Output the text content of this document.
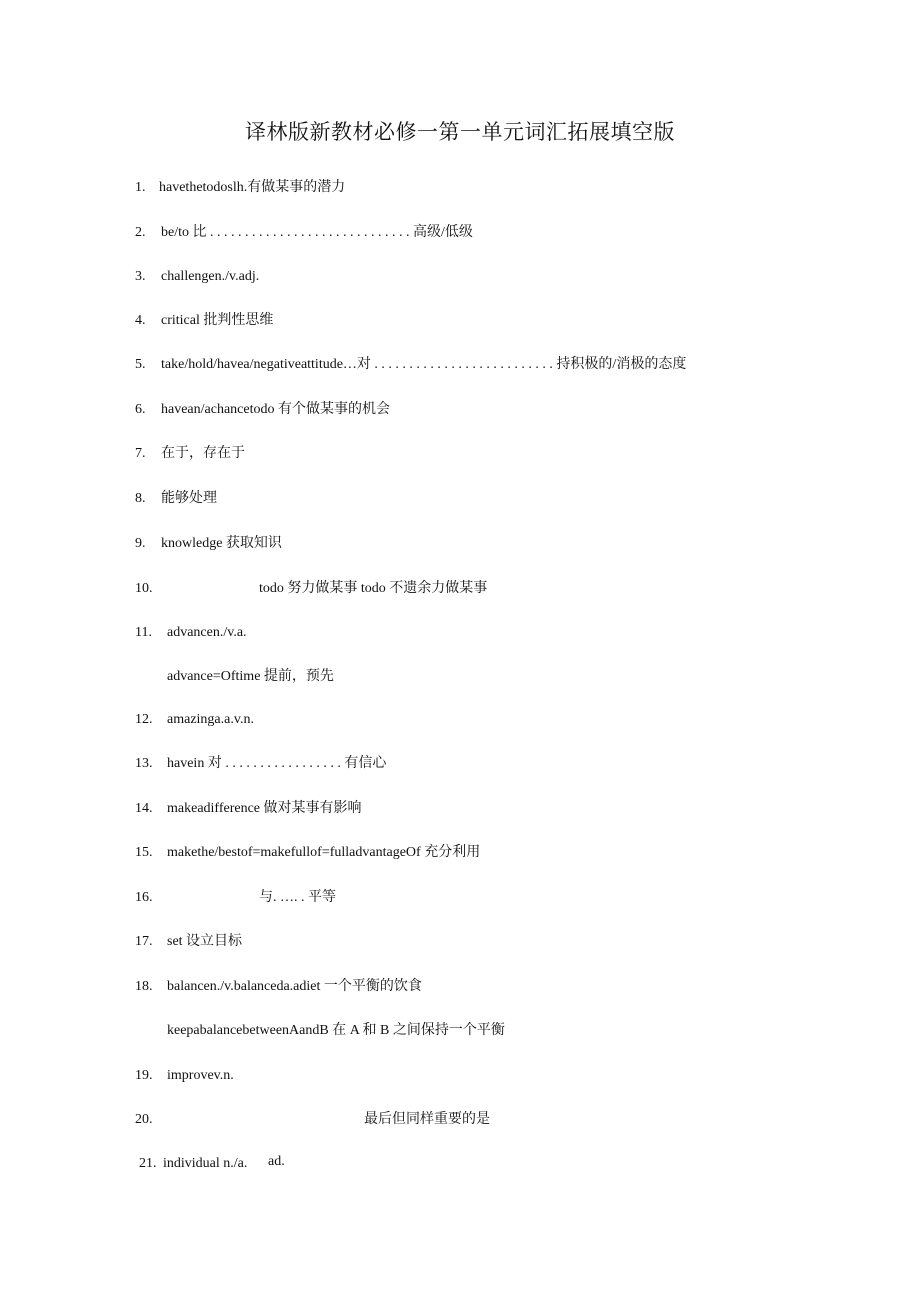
译林版新教材必修一第一单元词汇拓展填空版
1. havethetodoslh.有做某事的潜力
2. be/to 比 . . . . . . . . . . . . . . . . . . . . . . . . . . . . . 高级/低级
3. challengen./v.adj.
4. critical 批判性思维
5. take/hold/havea/negativeattitude…对 . . . . . . . . . . . . . . . . . . . . . . . . . . 持积极的/消极的态度
6. havean/achancetodo 有个做某事的机会
7. 在于，存在于
8. 能够处理
9. knowledge 获取知识
10.	todo 努力做某事 todo 不遗余力做某事
11. advancen./v.a.
advance=Oftime 提前，预先
12. amazinga.a.v.n.
13. havein 对 . . . . . . . . . . . . . . . . . 有信心
14. makeadifference 做对某事有影响
15. makethe/bestof=makefullof=fulladvantageOf 充分利用
16.	与. …. . 平等
17. set 设立目标
18. balancen./v.balanceda.adiet 一个平衡的饮食
keepabalancebetweenAandB 在 A 和 B 之间保持一个平衡
19. improvev.n.
20.	最后但同样重要的是
21. individual n./a. ad.
